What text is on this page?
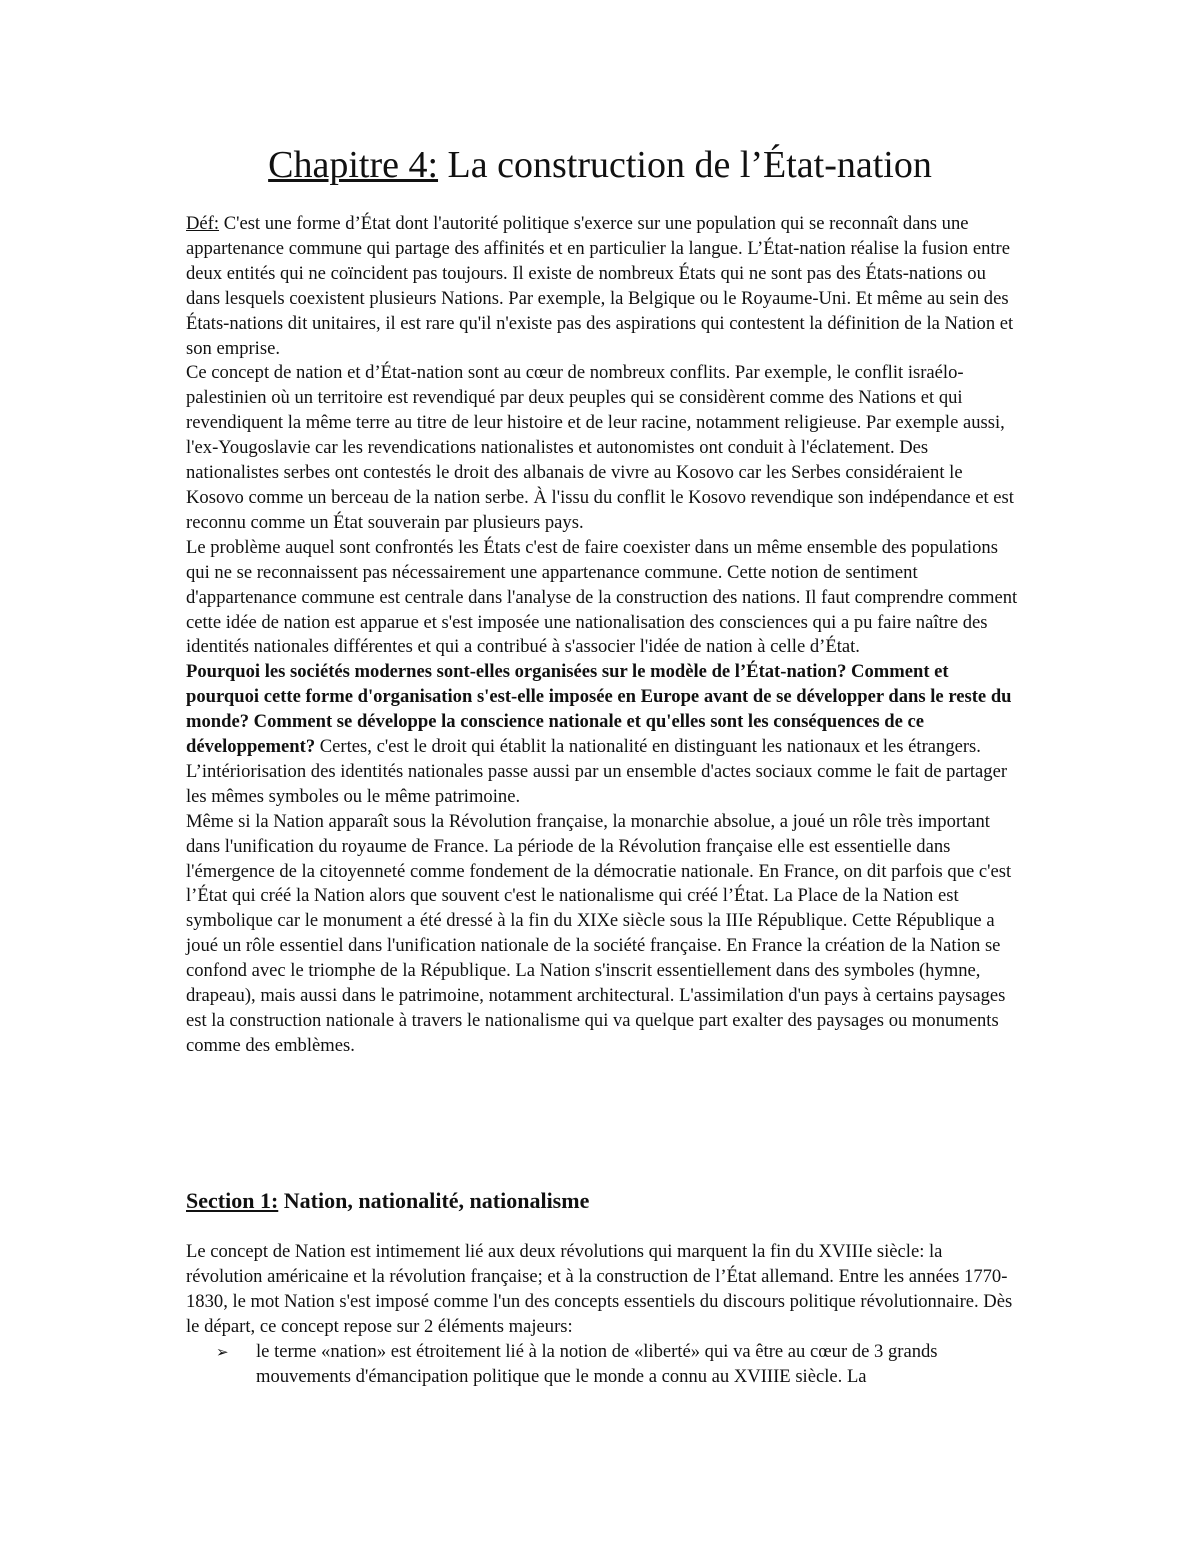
Chapitre 4: La construction de l’État-nation

Déf: C'est une forme d’État dont l'autorité politique s'exerce sur une population qui se reconnaît dans une appartenance commune qui partage des affinités et en particulier la langue. L’État-nation réalise la fusion entre deux entités qui ne coïncident pas toujours. Il existe de nombreux États qui ne sont pas des États-nations ou dans lesquels coexistent plusieurs Nations. Par exemple, la Belgique ou le Royaume-Uni. Et même au sein des États-nations dit unitaires, il est rare qu'il n'existe pas des aspirations qui contestent la définition de la Nation et son emprise.

Ce concept de nation et d’État-nation sont au cœur de nombreux conflits. Par exemple, le conflit israélo-palestinien où un territoire est revendiqué par deux peuples qui se considèrent comme des Nations et qui revendiquent la même terre au titre de leur histoire et de leur racine, notamment religieuse. Par exemple aussi, l'ex-Yougoslavie car les revendications nationalistes et autonomistes ont conduit à l'éclatement. Des nationalistes serbes ont contestés le droit des albanais de vivre au Kosovo car les Serbes considéraient le Kosovo comme un berceau de la nation serbe. À l'issu du conflit le Kosovo revendique son indépendance et est reconnu comme un État souverain par plusieurs pays.

Le problème auquel sont confrontés les États c'est de faire coexister dans un même ensemble des populations qui ne se reconnaissent pas nécessairement une appartenance commune. Cette notion de sentiment d'appartenance commune est centrale dans l'analyse de la construction des nations. Il faut comprendre comment cette idée de nation est apparue et s'est imposée une nationalisation des consciences qui a pu faire naître des identités nationales différentes et qui a contribué à s'associer l'idée de nation à celle d’État.

Pourquoi les sociétés modernes sont-elles organisées sur le modèle de l’État-nation? Comment et pourquoi cette forme d'organisation s'est-elle imposée en Europe avant de se développer dans le reste du monde? Comment se développe la conscience nationale et qu'elles sont les conséquences de ce développement? Certes, c'est le droit qui établit la nationalité en distinguant les nationaux et les étrangers. L’intériorisation des identités nationales passe aussi par un ensemble d'actes sociaux comme le fait de partager les mêmes symboles ou le même patrimoine.

Même si la Nation apparaît sous la Révolution française, la monarchie absolue, a joué un rôle très important dans l'unification du royaume de France. La période de la Révolution française elle est essentielle dans l'émergence de la citoyenneté comme fondement de la démocratie nationale. En France, on dit parfois que c'est l’État qui créé la Nation alors que souvent c'est le nationalisme qui créé l’État. La Place de la Nation est symbolique car le monument a été dressé à la fin du XIXe siècle sous la IIIe République. Cette République a joué un rôle essentiel dans l'unification nationale de la société française. En France la création de la Nation se confond avec le triomphe de la République. La Nation s'inscrit essentiellement dans des symboles (hymne, drapeau), mais aussi dans le patrimoine, notamment architectural. L'assimilation d'un pays à certains paysages est la construction nationale à travers le nationalisme qui va quelque part exalter des paysages ou monuments comme des emblèmes.

Section 1: Nation, nationalité, nationalisme

Le concept de Nation est intimement lié aux deux révolutions qui marquent la fin du XVIIIe siècle: la révolution américaine et la révolution française; et à la construction de l’État allemand. Entre les années 1770-1830, le mot Nation s'est imposé comme l'un des concepts essentiels du discours politique révolutionnaire. Dès le départ, ce concept repose sur 2 éléments majeurs:

➢ le terme «nation» est étroitement lié à la notion de «liberté» qui va être au cœur de 3 grands mouvements d'émancipation politique que le monde a connu au XVIIIE siècle. La
